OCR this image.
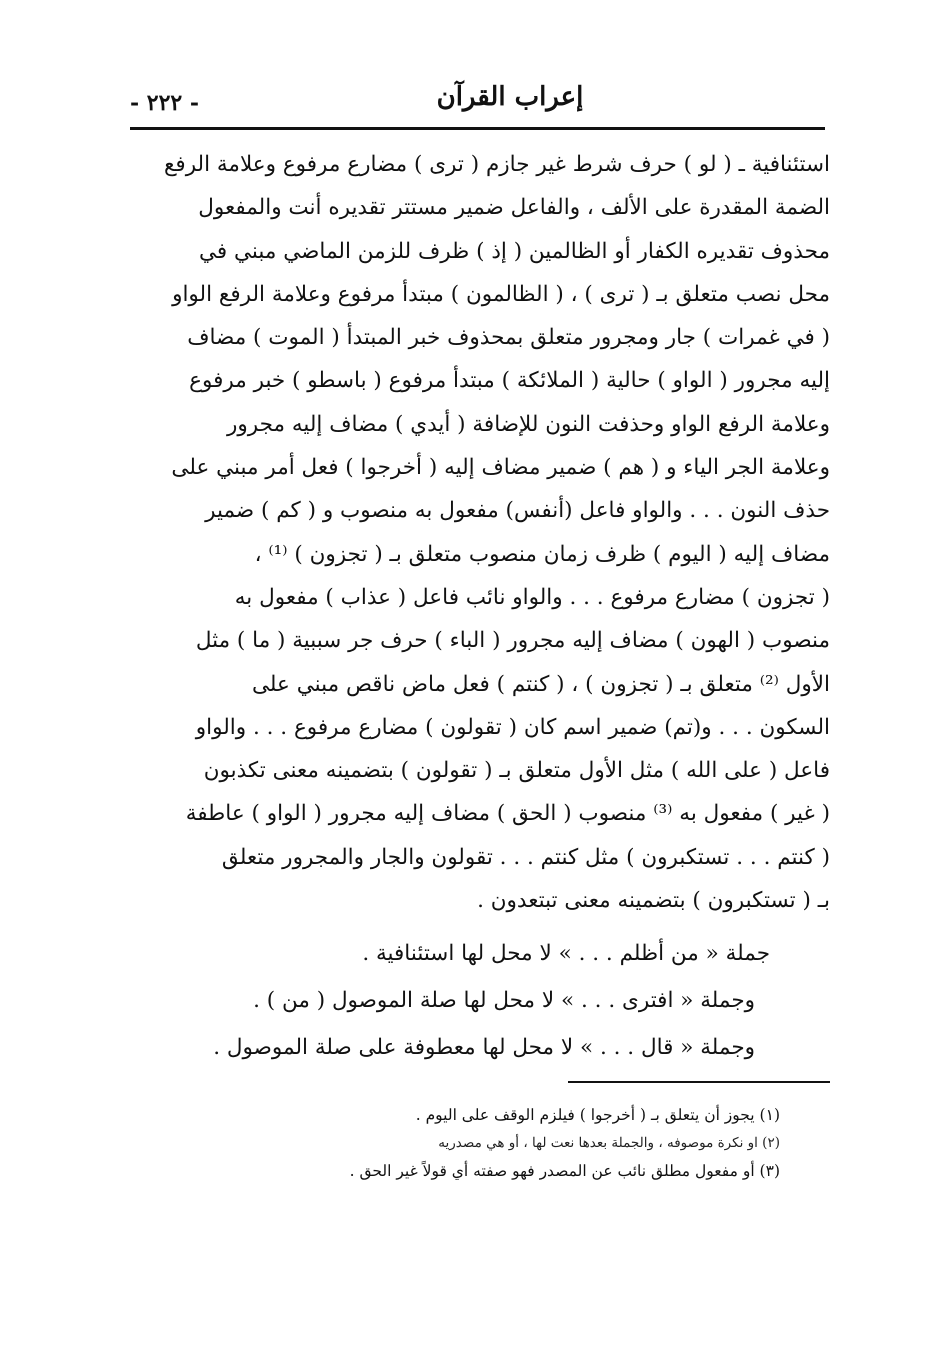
- ٢٢٢ -	إعراب القرآن
استئنافية ـ ( لو ) حرف شرط غير جازم ( ترى ) مضارع مرفوع وعلامة الرفع
الضمة المقدرة على الألف ، والفاعل ضمير مستتر تقديره أنت والمفعول
محذوف تقديره الكفار أو الظالمين ( إذ ) ظرف للزمن الماضي مبني في
محل نصب متعلق بـ ( ترى ) ، ( الظالمون ) مبتدأ مرفوع وعلامة الرفع الواو
( في غمرات ) جار ومجرور متعلق بمحذوف خبر المبتدأ ( الموت ) مضاف
إليه مجرور ( الواو ) حالية ( الملائكة ) مبتدأ مرفوع ( باسطو ) خبر مرفوع
وعلامة الرفع الواو وحذفت النون للإضافة ( أيدي ) مضاف إليه مجرور
وعلامة الجر الياء و ( هم ) ضمير مضاف إليه ( أخرجوا ) فعل أمر مبني على
حذف النون . . . والواو فاعل (أنفس) مفعول به منصوب و ( كم ) ضمير
مضاف إليه ( اليوم ) ظرف زمان منصوب متعلق بـ ( تجزون ) ⁽¹⁾ ،
( تجزون ) مضارع مرفوع . . . والواو نائب فاعل ( عذاب ) مفعول به
منصوب ( الهون ) مضاف إليه مجرور ( الباء ) حرف جر سببية ( ما ) مثل
الأول ⁽²⁾ متعلق بـ ( تجزون ) ، ( كنتم ) فعل ماض ناقص مبني على
السكون . . . و(تم) ضمير اسم كان ( تقولون ) مضارع مرفوع . . . والواو
فاعل ( على الله ) مثل الأول متعلق بـ ( تقولون ) بتضمينه معنى تكذبون
( غير ) مفعول به ⁽³⁾ منصوب ( الحق ) مضاف إليه مجرور ( الواو ) عاطفة
( كنتم . . . تستكبرون ) مثل كنتم . . . تقولون والجار والمجرور متعلق
بـ ( تستكبرون ) بتضمينه معنى تبتعدون .
جملة « من أظلم . . . » لا محل لها استئنافية .
وجملة « افترى . . . » لا محل لها صلة الموصول ( من ) .
وجملة « قال . . . » لا محل لها معطوفة على صلة الموصول .
(١) يجوز أن يتعلق بـ ( أخرجوا ) فيلزم الوقف على اليوم .
(٢) او نكرة موصوفه ، والجملة بعدها نعت لها ، أو هي مصدريه
(٣) أو مفعول مطلق نائب عن المصدر فهو صفته أي قولاً غير الحق .
